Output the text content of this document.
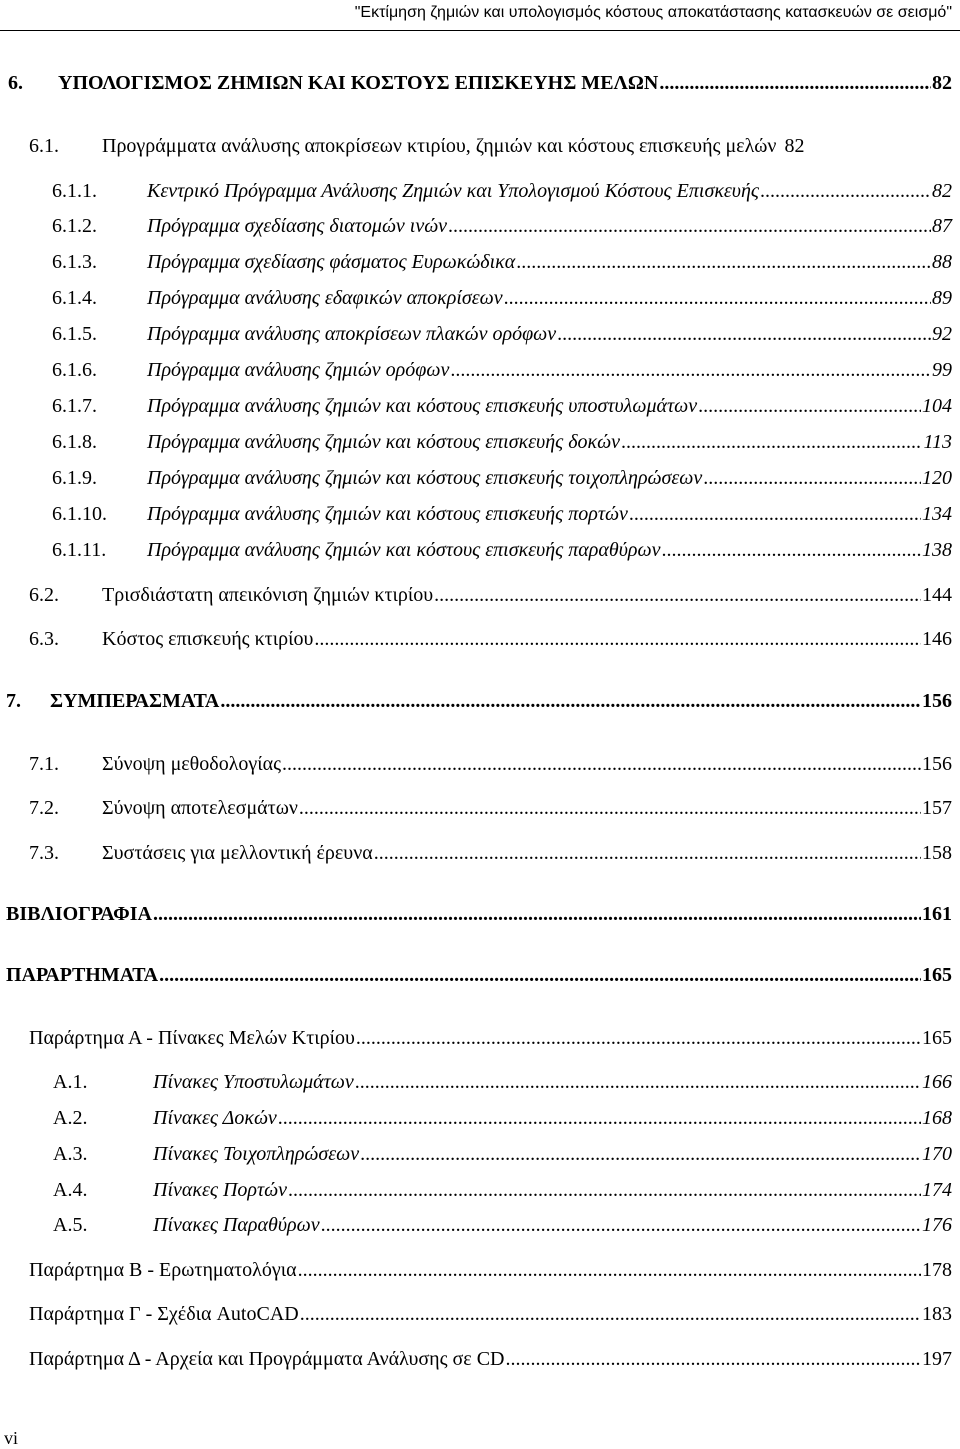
"Εκτίμηση ζημιών και υπολογισμός κόστους αποκατάστασης κατασκευών σε σεισμό"
6.	ΥΠΟΛΟΓΙΣΜΟΣ ΖΗΜΙΩΝ ΚΑΙ ΚΟΣΤΟΥΣ ΕΠΙΣΚΕΥΗΣ ΜΕΛΩΝ .....	82
6.1.	Προγράμματα ανάλυσης αποκρίσεων κτιρίου, ζημιών και κόστους επισκευής μελών 82
6.1.1.	Κεντρικό Πρόγραμμα Ανάλυσης Ζημιών και Υπολογισμού Κόστους Επισκευής .....	82
6.1.2.	Πρόγραμμα σχεδίασης διατομών ινών .....	87
6.1.3.	Πρόγραμμα σχεδίασης φάσματος Ευρωκώδικα .....	88
6.1.4.	Πρόγραμμα ανάλυσης εδαφικών αποκρίσεων .....	89
6.1.5.	Πρόγραμμα ανάλυσης αποκρίσεων πλακών ορόφων .....	92
6.1.6.	Πρόγραμμα ανάλυσης ζημιών ορόφων .....	99
6.1.7.	Πρόγραμμα ανάλυσης ζημιών και κόστους επισκευής υποστυλωμάτων .....	104
6.1.8.	Πρόγραμμα ανάλυσης ζημιών και κόστους επισκευής δοκών .....	113
6.1.9.	Πρόγραμμα ανάλυσης ζημιών και κόστους επισκευής τοιχοπληρώσεων .....	120
6.1.10.	Πρόγραμμα ανάλυσης ζημιών και κόστους επισκευής πορτών .....	134
6.1.11.	Πρόγραμμα ανάλυσης ζημιών και κόστους επισκευής παραθύρων .....	138
6.2.	Τρισδιάστατη απεικόνιση ζημιών κτιρίου .....	144
6.3.	Κόστος επισκευής κτιρίου .....	146
7.	ΣΥΜΠΕΡΑΣΜΑΤΑ .....	156
7.1.	Σύνοψη μεθοδολογίας .....	156
7.2.	Σύνοψη αποτελεσμάτων .....	157
7.3.	Συστάσεις για μελλοντική έρευνα .....	158
ΒΙΒΛΙΟΓΡΑΦΙΑ .....	161
ΠΑΡΑΡΤΗΜΑΤΑ .....	165
Παράρτημα Α - Πίνακες Μελών Κτιρίου .....	165
Α.1.	Πίνακες Υποστυλωμάτων .....	166
Α.2.	Πίνακες Δοκών .....	168
Α.3.	Πίνακες Τοιχοπληρώσεων .....	170
Α.4.	Πίνακες Πορτών .....	174
Α.5.	Πίνακες Παραθύρων .....	176
Παράρτημα Β - Ερωτηματολόγια .....	178
Παράρτημα Γ - Σχέδια AutoCAD .....	183
Παράρτημα Δ - Αρχεία και Προγράμματα Ανάλυσης σε CD .....	197
vi
